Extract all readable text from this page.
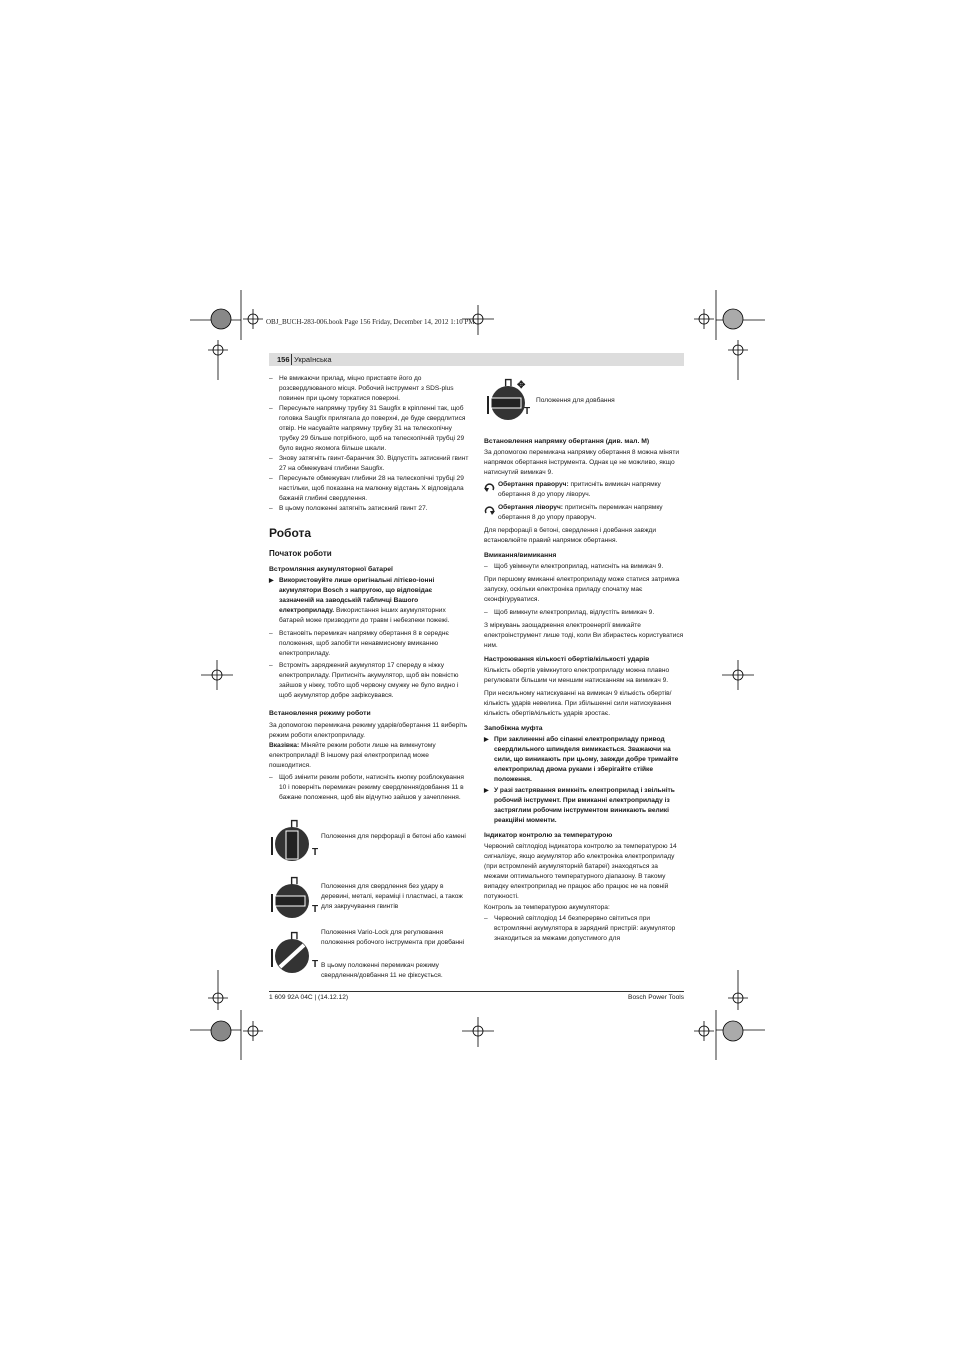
OBJ_BUCH-283-006.book Page 156 Friday, December 14, 2012 1:10 PM
156 Українська

– Не вмикаючи прилад, міцно приставте його до розсвердлюваного місця. Робочий інструмент з SDS-plus повинен при цьому торкатися поверхні.

– Пересуньте напрямну трубку 31 Saugfix в кріпленні так, щоб головка Saugfix прилягала до поверхні, де буде свердлитися отвір. Не насувайте напрямну трубку 31 на телескопічну трубку 29 більше потрібного, щоб на телескопічній трубці 29 було видно якомога більше шкали.

– Знову затягніть гвинт-баранчик 30. Відпустіть затискний гвинт 27 на обмежувачі глибини Saugfix.

– Пересуньте обмежувач глибини 28 на телескопічні трубці 29 настільки, щоб показана на малюнку відстань X відповідала бажаній глибині свердлення.

– В цьому положенні затягніть затискний гвинт 27.

Робота

Початок роботи

Встромляння акумуляторної батареї

▶ Використовуйте лише оригінальні літієво-іонні акумулятори Bosch з напругою, що відповідає зазначеній на заводській табличці Вашого електроприладу. Використання інших акумуляторних батарей може призводити до травм і небезпеки пожежі.

– Встановіть перемикач напрямку обертання 8 в середнє положення, щоб запобігти ненавмисному вмиканню електроприладу.

– Встроміть заряджений акумулятор 17 спереду в ніжку електроприладу. Притисніть акумулятор, щоб він повністю зайшов у ніжку, тобто щоб червону смужку не було видно і щоб акумулятор добре зафіксувався.

Встановлення режиму роботи

За допомогою перемикача режиму ударів/обертання 11 виберіть режим роботи електроприладу.

Вказівка: Міняйте режим роботи лише на вимкнутому електроприладі! В іншому разі електроприлад може пошкодитися.

– Щоб змінити режим роботи, натисніть кнопку розблокування 10 і поверніть перемикач режиму свердлення/довбання 11 в бажане положення, щоб він відчутно зайшов у зачеплення.

⊓
T
⊓
T
⊓
T
Положення для перфорації в бетоні або камені
Положення для свердлення без удару в деревині, металі, кераміці і пластмасі, а також для закручування гвинтів
Положення Vario-Lock для регулювання положення робочого інструмента при довбанні
В цьому положенні перемикач режиму свердлення/довбання 11 не фіксується.
⊓ ✥
T
Положення для довбання

Встановлення напрямку обертання (див. мал. M)

За допомогою перемикача напрямку обертання 8 можна міняти напрямок обертання інструмента. Однак це не можливо, якщо натиснутий вимикач 9.

Обертання праворуч: притисніть вимикач напрямку обертання 8 до упору ліворуч.

Обертання ліворуч: притисніть перемикач напрямку обертання 8 до упору праворуч.

Для перфорації в бетоні, свердлення і довбання завжди встановлюйте правий напрямок обертання.

Вмикання/вимикання

– Щоб увімкнути електроприлад, натисніть на вимикач 9.

При першому вмиканні електроприладу може статися затримка запуску, оскільки електроніка приладу спочатку має сконфігуруватися.

– Щоб вимкнути електроприлад, відпустіть вимикач 9.

З міркувань заощадження електроенергії вмикайте електроінструмент лише тоді, коли Ви збираєтесь користуватися ним.

Настроювання кількості обертів/кількості ударів

Кількість обертів увімкнутого електроприладу можна плавно регулювати більшим чи меншим натисканням на вимикач 9.

При несильному натискуванні на вимикач 9 кількість обертів/кількість ударів невелика. При збільшенні сили натискування кількість обертів/кількість ударів зростає.

Запобіжна муфта

▶ При заклиненні або сіпанні електроприладу привод свердлильного шпинделя вимикається. Зважаючи на сили, що виникають при цьому, завжди добре тримайте електроприлад двома руками і зберігайте стійке положення.

▶ У разі застрявання вимкніть електроприлад і звільніть робочий інструмент. При вмиканні електроприладу із застряглим робочим інструментом виникають великі реакційні моменти.

Індикатор контролю за температурою

Червоний світлодіод індикатора контролю за температурою 14 сигналізує, якщо акумулятор або електроніка електроприладу (при встромленій акумуляторній батареї) знаходяться за межами оптимального температурного діапазону. В такому випадку електроприлад не працює або працює не на повній потужності.

Контроль за температурою акумулятора:

– Червоний світлодіод 14 безперервно світиться при встромлянні акумулятора в зарядний пристрій: акумулятор знаходиться за межами допустимого для

1 609 92A 04C | (14.12.12)	Bosch Power Tools
